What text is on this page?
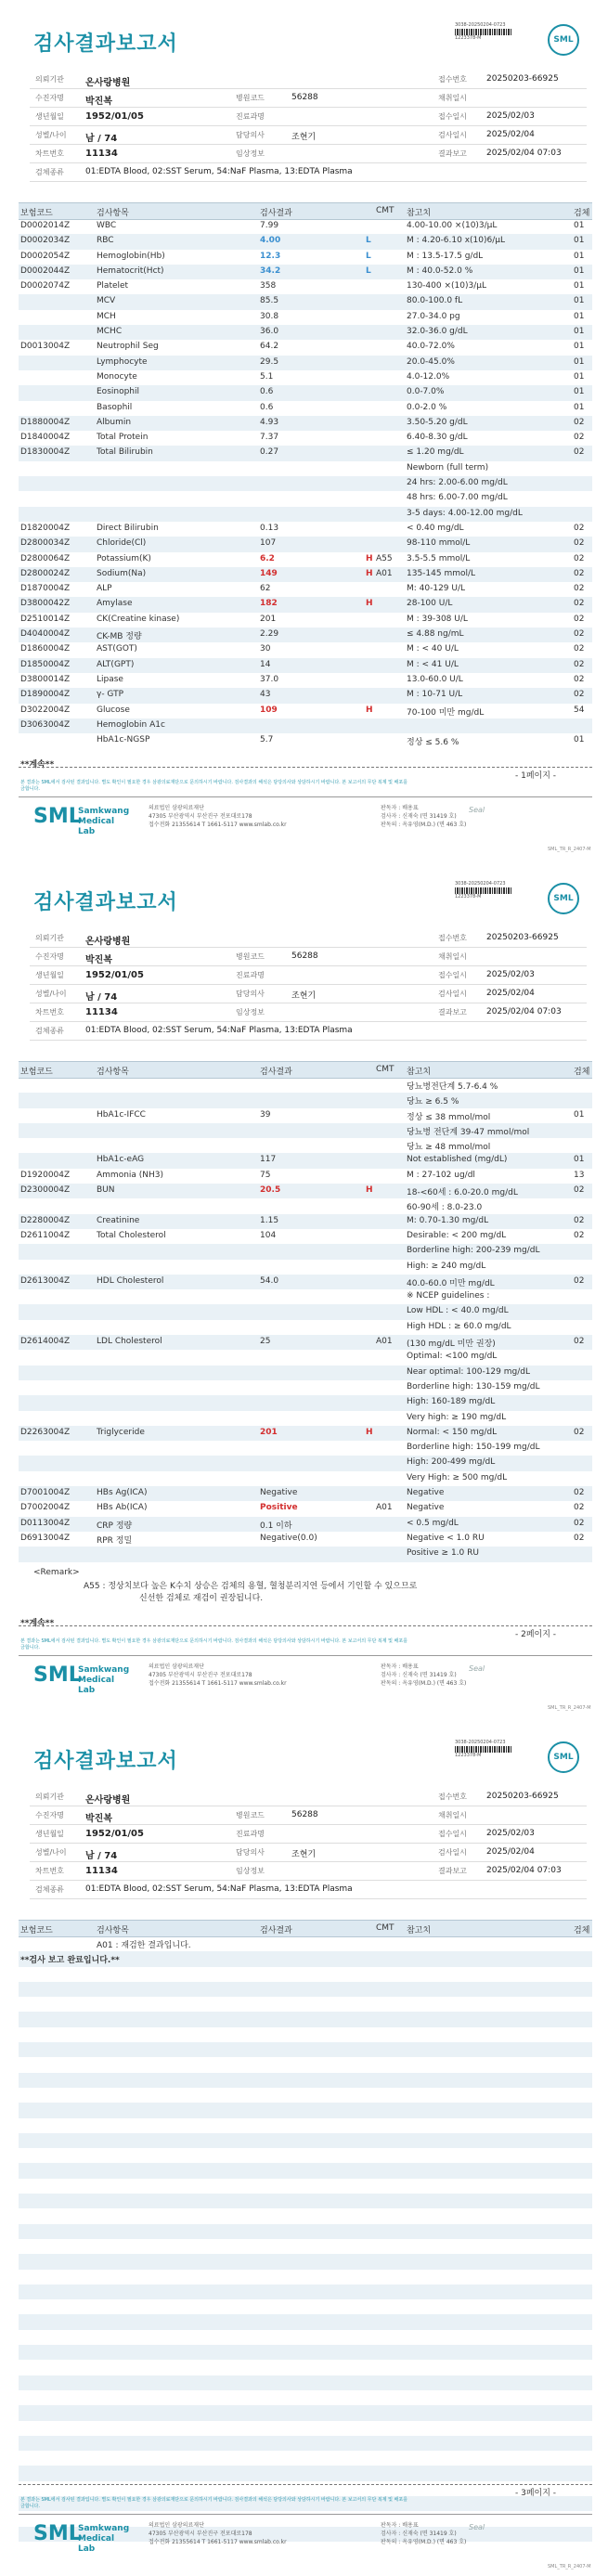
검사결과보고서
3038-20250204-0723
1223378-M	SML
의뢰기관 온사랑병원	접수번호 20250203-66925
수진자명 박진복	병원코드	56288	채취일시
생년월일 1952/01/05	진료과명	접수일시 2025/02/03
성별/나이 남 / 74	담당의사	조현기	검사일시 2025/02/04
차트번호 11134	임상정보	결과보고 2025/02/04 07:03
검체종류	01:EDTA Blood, 02:SST Serum, 54:NaF Plasma, 13:EDTA Plasma
보험코드	검사항목	검사결과	CMT 참고치	검체
D0002014Z	WBC	7.99	4.00-10.00 ×(10)3/μL	01
D0002034Z	RBC	4.00	L	M : 4.20-6.10 x(10)6/μL	01
D0002054Z	Hemoglobin(Hb)	12.3	L	M : 13.5-17.5 g/dL	01
D0002044Z	Hematocrit(Hct)	34.2	L	M : 40.0-52.0 %	01
D0002074Z	Platelet	358	130-400 ×(10)3/μL	01
MCV	85.5	80.0-100.0 fL	01
MCH	30.8	27.0-34.0 pg	01
MCHC	36.0	32.0-36.0 g/dL	01
D0013004Z	Neutrophil Seg	64.2	40.0-72.0%	01
Lymphocyte	29.5	20.0-45.0%	01
Monocyte	5.1	4.0-12.0%	01
Eosinophil	0.6	0.0-7.0%	01
Basophil	0.6	0.0-2.0 %	01
D1880004Z	Albumin	4.93	3.50-5.20 g/dL	02
D1840004Z	Total Protein	7.37	6.40-8.30 g/dL	02
D1830004Z	Total Bilirubin	0.27	≤ 1.20 mg/dL	02
Newborn (full term)
24 hrs: 2.00-6.00 mg/dL
48 hrs: 6.00-7.00 mg/dL
3-5 days: 4.00-12.00 mg/dL
D1820004Z	Direct Bilirubin	0.13	< 0.40 mg/dL	02
D2800034Z	Chloride(Cl)	107	98-110 mmol/L	02
D2800064Z	Potassium(K)	6.2	H A55 3.5-5.5 mmol/L	02
D2800024Z	Sodium(Na)	149	H A01 135-145 mmol/L	02
D1870004Z	ALP	62	M: 40-129 U/L	02
D3800042Z	Amylase	182	H	28-100 U/L	02
D2510014Z	CK(Creatine kinase)	201	M : 39-308 U/L	02
D4040004Z	CK-MB 정량	2.29	≤ 4.88 ng/mL	02
D1860004Z	AST(GOT)	30	M : < 40 U/L	02
D1850004Z	ALT(GPT)	14	M : < 41 U/L	02
D3800014Z	Lipase	37.0	13.0-60.0 U/L	02
D1890004Z	γ- GTP	43	M : 10-71 U/L	02
D3022004Z	Glucose	109	H	70-100 미만 mg/dL	54
D3063004Z	Hemoglobin A1c
HbA1c-NGSP	5.7	정상 ≤ 5.6 %	01
**계속**
- 1페이지 -
본 결과는 SML에서 검사된 결과입니다. 별도 확인이 필요한 경우 삼광의료재단으로 문의하시기 바랍니다. 검사결과의 해석은 담당의사와 상담하시기 바랍니다. 본 보고서의 무단 복제 및 배포를 금합니다.
SML
Samkwang
Medical Lab
의료법인 삼광의료재단
47305 부산광역시 부산진구 전포대로178
접수전화 21355614 T 1661-5117 www.smlab.co.kr
판독자 : 배용표
검사자 : 신재숙 (면 31419 호)
판독의 : 옥유영(M.D.) (면 463 호)
Seal
SML_TR_R_2407-M
검사결과보고서
3038-20250204-0723
1223378-M	SML
의뢰기관 온사랑병원	접수번호 20250203-66925
수진자명 박진복	병원코드	56288	채취일시
생년월일 1952/01/05	진료과명	접수일시 2025/02/03
성별/나이 남 / 74	담당의사	조현기	검사일시 2025/02/04
차트번호 11134	임상정보	결과보고 2025/02/04 07:03
검체종류	01:EDTA Blood, 02:SST Serum, 54:NaF Plasma, 13:EDTA Plasma
보험코드	검사항목	검사결과	CMT 참고치	검체
당뇨병전단계 5.7-6.4 %
당뇨 ≥ 6.5 %
HbA1c-IFCC	39	정상 ≤ 38 mmol/mol	01
당뇨병 전단계 39-47 mmol/mol
당뇨 ≥ 48 mmol/mol
HbA1c-eAG	117	Not established (mg/dL)	01
D1920004Z	Ammonia (NH3)	75	M : 27-102 ug/dl	13
D2300004Z	BUN	20.5	H	18-<60세 : 6.0-20.0 mg/dL	02
60-90세 : 8.0-23.0
D2280004Z	Creatinine	1.15	M: 0.70-1.30 mg/dL	02
D2611004Z	Total Cholesterol	104	Desirable: < 200 mg/dL	02
Borderline high: 200-239 mg/dL
High: ≥ 240 mg/dL
D2613004Z	HDL Cholesterol	54.0	40.0-60.0 미만 mg/dL	02
※ NCEP guidelines :
Low HDL : < 40.0 mg/dL
High HDL : ≥ 60.0 mg/dL
D2614004Z	LDL Cholesterol	25	A01 (130 mg/dL 미만 권장)	02
Optimal: <100 mg/dL
Near optimal: 100-129 mg/dL
Borderline high: 130-159 mg/dL
High: 160-189 mg/dL
Very high: ≥ 190 mg/dL
D2263004Z	Triglyceride	201	H	Normal: < 150 mg/dL	02
Borderline high: 150-199 mg/dL
High: 200-499 mg/dL
Very High: ≥ 500 mg/dL
D7001004Z	HBs Ag(ICA)	Negative	Negative	02
D7002004Z	HBs Ab(ICA)	Positive	A01 Negative	02
D0113004Z	CRP 정량	0.1 이하	< 0.5 mg/dL	02
D6913004Z	RPR 정밀	Negative(0.0)	Negative < 1.0 RU	02
Positive ≥ 1.0 RU
<Remark>
A55 : 정상치보다 높은 K수치 상승은 검체의 용혈, 혈청분리지연 등에서 기인할 수 있으므로
신선한 검체로 재검이 권장됩니다.
**계속**
- 2페이지 -
본 결과는 SML에서 검사된 결과입니다. 별도 확인이 필요한 경우 삼광의료재단으로 문의하시기 바랍니다. 검사결과의 해석은 담당의사와 상담하시기 바랍니다. 본 보고서의 무단 복제 및 배포를 금합니다.
SML
Samkwang
Medical Lab
의료법인 삼광의료재단
47305 부산광역시 부산진구 전포대로178
접수전화 21355614 T 1661-5117 www.smlab.co.kr
판독자 : 배용표
검사자 : 신재숙 (면 31419 호)
판독의 : 옥유영(M.D.) (면 463 호)
Seal
SML_TR_R_2407-M
검사결과보고서
3038-20250204-0723
1223378-M	SML
의뢰기관 온사랑병원	접수번호 20250203-66925
수진자명 박진복	병원코드	56288	채취일시
생년월일 1952/01/05	진료과명	접수일시 2025/02/03
성별/나이 남 / 74	담당의사	조현기	검사일시 2025/02/04
차트번호 11134	임상정보	결과보고 2025/02/04 07:03
검체종류	01:EDTA Blood, 02:SST Serum, 54:NaF Plasma, 13:EDTA Plasma
보험코드	검사항목	검사결과	CMT 참고치	검체
A01 : 재검한 결과입니다.
**검사 보고 완료입니다.**
- 3페이지 -
본 결과는 SML에서 검사된 결과입니다. 별도 확인이 필요한 경우 삼광의료재단으로 문의하시기 바랍니다. 검사결과의 해석은 담당의사와 상담하시기 바랍니다. 본 보고서의 무단 복제 및 배포를 금합니다.
SML
Samkwang
Medical Lab
의료법인 삼광의료재단
47305 부산광역시 부산진구 전포대로178
접수전화 21355614 T 1661-5117 www.smlab.co.kr
판독자 : 배용표
검사자 : 신재숙 (면 31419 호)
판독의 : 옥유영(M.D.) (면 463 호)
Seal
SML_TR_R_2407-M
